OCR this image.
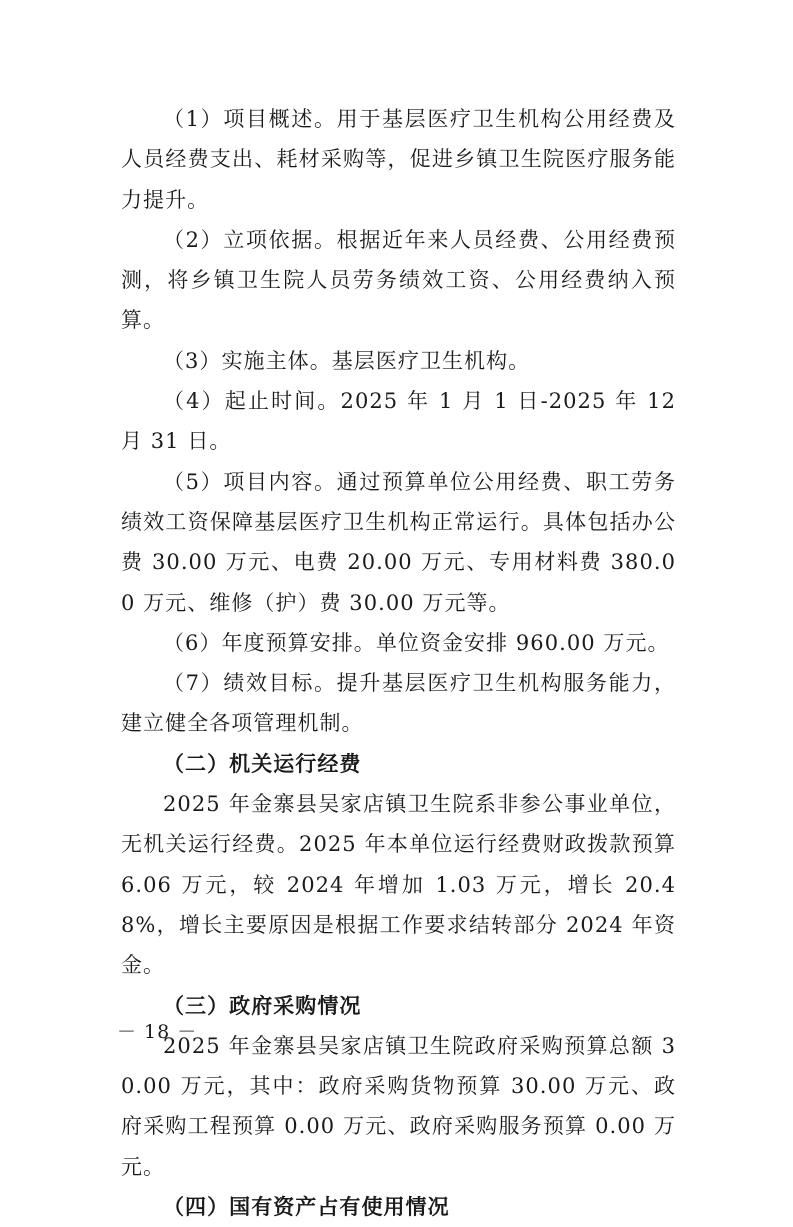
（1）项目概述。用于基层医疗卫生机构公用经费及人员经费支出、耗材采购等，促进乡镇卫生院医疗服务能力提升。

（2）立项依据。根据近年来人员经费、公用经费预测，将乡镇卫生院人员劳务绩效工资、公用经费纳入预算。

（3）实施主体。基层医疗卫生机构。

（4）起止时间。2025 年 1 月 1 日-2025 年 12 月 31 日。

（5）项目内容。通过预算单位公用经费、职工劳务绩效工资保障基层医疗卫生机构正常运行。具体包括办公费 30.00 万元、电费 20.00 万元、专用材料费 380.00 万元、维修（护）费 30.00 万元等。

（6）年度预算安排。单位资金安排 960.00 万元。

（7）绩效目标。提升基层医疗卫生机构服务能力，建立健全各项管理机制。

（二）机关运行经费

2025 年金寨县吴家店镇卫生院系非参公事业单位，无机关运行经费。2025 年本单位运行经费财政拨款预算 6.06 万元，较 2024 年增加 1.03 万元，增长 20.48%，增长主要原因是根据工作要求结转部分 2024 年资金。

（三）政府采购情况

2025 年金寨县吴家店镇卫生院政府采购预算总额 30.00 万元，其中：政府采购货物预算 30.00 万元、政府采购工程预算 0.00 万元、政府采购服务预算 0.00 万元。

（四）国有资产占有使用情况

－ 18 －
